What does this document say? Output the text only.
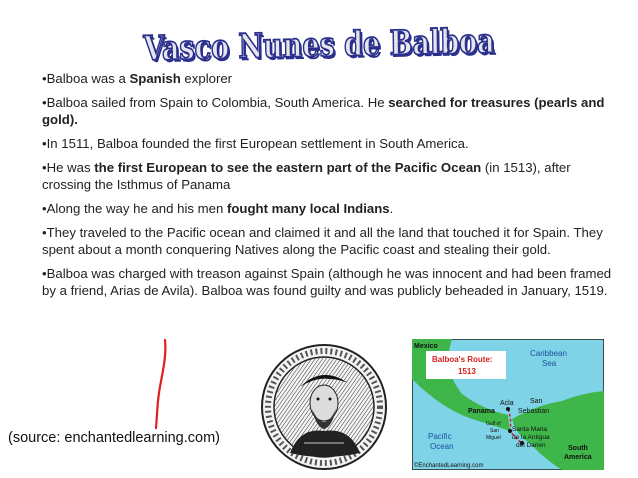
Vasco Nunes de Balboa
• Balboa was a Spanish explorer
• Balboa sailed from Spain to Colombia, South America. He searched for treasures (pearls and gold).
• In 1511, Balboa founded the first European settlement in South America.
• He was the first European to see the eastern part of the Pacific Ocean (in 1513), after crossing the Isthmus of Panama
• Along the way he and his men fought many local Indians.
• They traveled to the Pacific ocean and claimed it and all the land that touched it for Spain. They spent about a month conquering Natives along the Pacific coast and stealing their gold.
• Balboa was charged with treason against Spain (although he was innocent and had been framed by a friend, Arias de Avila). Balboa was found guilty and was publicly beheaded in January, 1519.
Mexico
Balboa's Route:
1513
Caribbean
Sea
Acla
Panama
San
Sebastian
Gulf of
San
Miguel
Pacific
Ocean
Santa Maria
de la Antigua
del Darien	South
America
©EnchantedLearning.com

(source: enchantedlearning.com)
